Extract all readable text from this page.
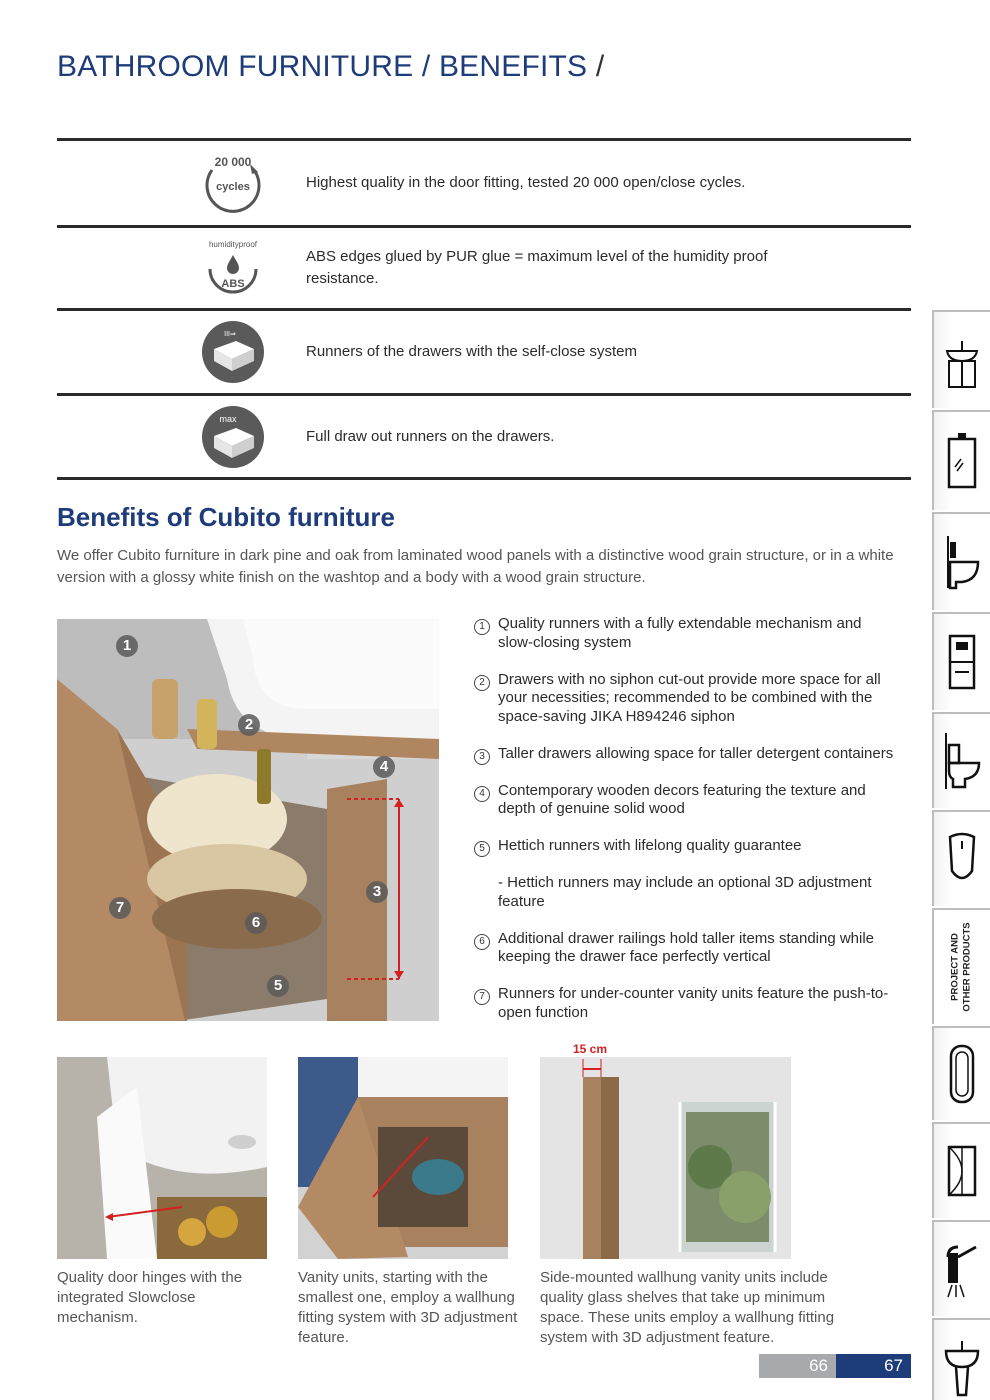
BATHROOM FURNITURE / BENEFITS /
20 000
cycles	Highest quality in the door fitting, tested 20 000 open/close cycles.
humidityproof
ABS
ABS edges glued by PUR glue = maximum level of the humidity proof resistance.
III⇒
Runners of the drawers with the self-close system
max
Full draw out runners on the drawers.
Benefits of Cubito furniture
We offer Cubito furniture in dark pine and oak from laminated wood panels with a distinctive wood grain structure, or in a white version with a glossy white finish on the washtop and a body with a wood grain structure.
1
2
3
4
5
6
7
1 Quality runners with a fully extendable mechanism and slow-closing system
2 Drawers with no siphon cut-out provide more space for all your necessities; recommended to be combined with the space-saving JIKA H894246 siphon
3 Taller drawers allowing space for taller detergent containers
4 Contemporary wooden decors featuring the texture and depth of genuine solid wood
5 Hettich runners with lifelong quality guarantee
- Hettich runners may include an optional 3D adjustment feature
6 Additional drawer railings hold taller items standing while keeping the drawer face perfectly vertical
7 Runners for under-counter vanity units feature the push-to-open function
15 cm
Quality door hinges with the integrated Slowclose mechanism.
Vanity units, starting with the smallest one, employ a wallhung fitting system with 3D adjustment feature.
Side-mounted wallhung vanity units include quality glass shelves that take up minimum space. These units employ a wallhung fitting system with 3D adjustment feature.
66	67
PROJECT AND
OTHER PRODUCTS
